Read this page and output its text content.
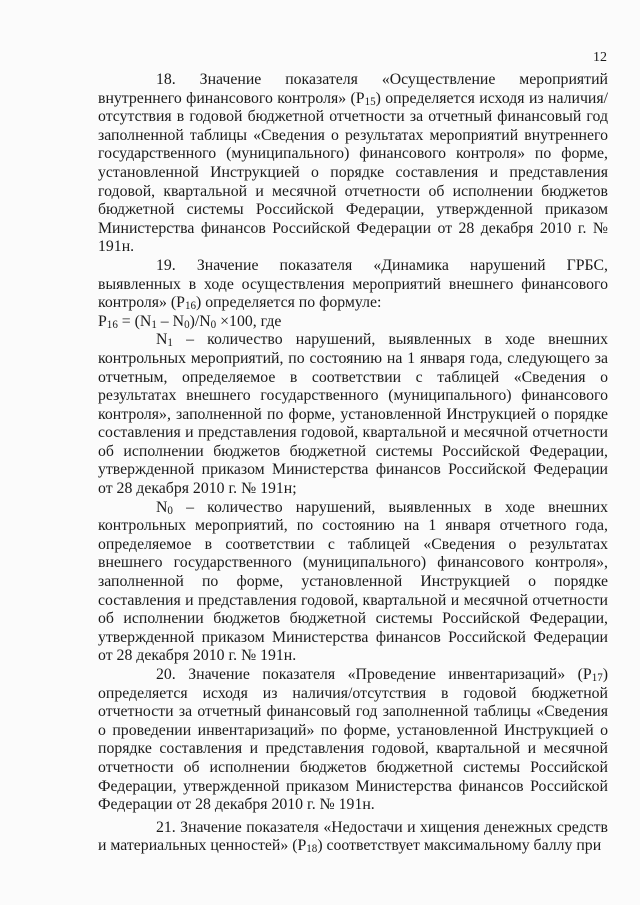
12

18. Значение показателя «Осуществление мероприятий внутреннего финансового контроля» $(P_{15})$ определяется исходя из наличия/отсутствия в годовой бюджетной отчетности за отчетный финансовый год заполненной таблицы «Сведения о результатах мероприятий внутреннего государственного (муниципального) финансового контроля» по форме, установленной Инструкцией о порядке составления и представления годовой, квартальной и месячной отчетности об исполнении бюджетов бюджетной системы Российской Федерации, утвержденной приказом Министерства финансов Российской Федерации от 28 декабря 2010 г. № 191н.

19. Значение показателя «Динамика нарушений ГРБС, выявленных в ходе осуществления мероприятий внешнего финансового контроля» $(P_{16})$ определяется по формуле:

$P_{16} = (N_1 - N_0)/N_0 \times 100$, где

$N_1$ – количество нарушений, выявленных в ходе внешних контрольных мероприятий, по состоянию на 1 января года, следующего за отчетным, определяемое в соответствии с таблицей «Сведения о результатах внешнего государственного (муниципального) финансового контроля», заполненной по форме, установленной Инструкцией о порядке составления и представления годовой, квартальной и месячной отчетности об исполнении бюджетов бюджетной системы Российской Федерации, утвержденной приказом Министерства финансов Российской Федерации от 28 декабря 2010 г. № 191н;

$N_0$ – количество нарушений, выявленных в ходе внешних контрольных мероприятий, по состоянию на 1 января отчетного года, определяемое в соответствии с таблицей «Сведения о результатах внешнего государственного (муниципального) финансового контроля», заполненной по форме, установленной Инструкцией о порядке составления и представления годовой, квартальной и месячной отчетности об исполнении бюджетов бюджетной системы Российской Федерации, утвержденной приказом Министерства финансов Российской Федерации от 28 декабря 2010 г. № 191н.

20. Значение показателя «Проведение инвентаризаций» $(P_{17})$ определяется исходя из наличия/отсутствия в годовой бюджетной отчетности за отчетный финансовый год заполненной таблицы «Сведения о проведении инвентаризаций» по форме, установленной Инструкцией о порядке составления и представления годовой, квартальной и месячной отчетности об исполнении бюджетов бюджетной системы Российской Федерации, утвержденной приказом Министерства финансов Российской Федерации от 28 декабря 2010 г. № 191н.

21. Значение показателя «Недостачи и хищения денежных средств и материальных ценностей» $(P_{18})$ соответствует максимальному баллу при
